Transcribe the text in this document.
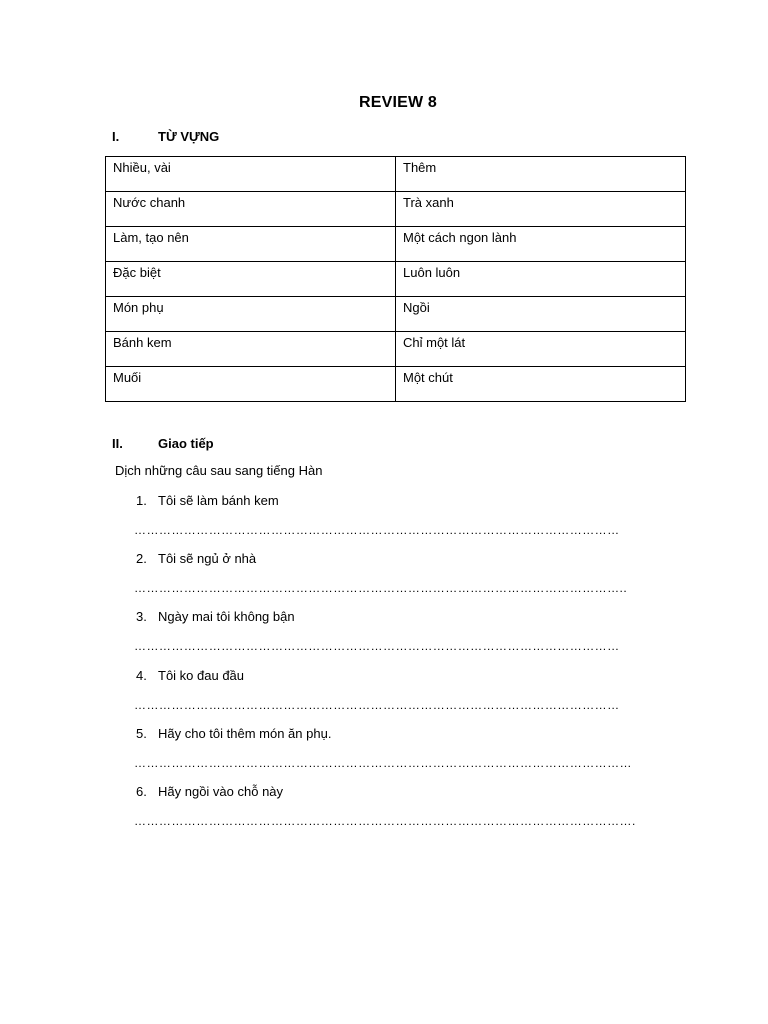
REVIEW 8
I.	TỪ VỰNG
Nhiều, vài	Thêm

Nước chanh	Trà xanh

Làm, tạo nên	Một cách ngon lành

Đặc biệt	Luôn luôn

Món phụ	Ngồi

Bánh kem	Chỉ một lát

Muối	Một chút
II.	Giao tiếp
Dịch những câu sau sang tiếng Hàn
1. Tôi sẽ làm bánh kem
………………………………………………………………………………………………………
2. Tôi sẽ ngủ ở nhà
………………………………………………………………………………………………………..
3. Ngày mai tôi không bận
………………………………………………………………………………………………………
4. Tôi ko đau đầu
………………………………………………………………………………………………………
5. Hãy cho tôi thêm món ăn phụ.
…………………………………………………………………………………………………………
6. Hãy ngồi vào chỗ này
………………………………………………………………………………………………………….
